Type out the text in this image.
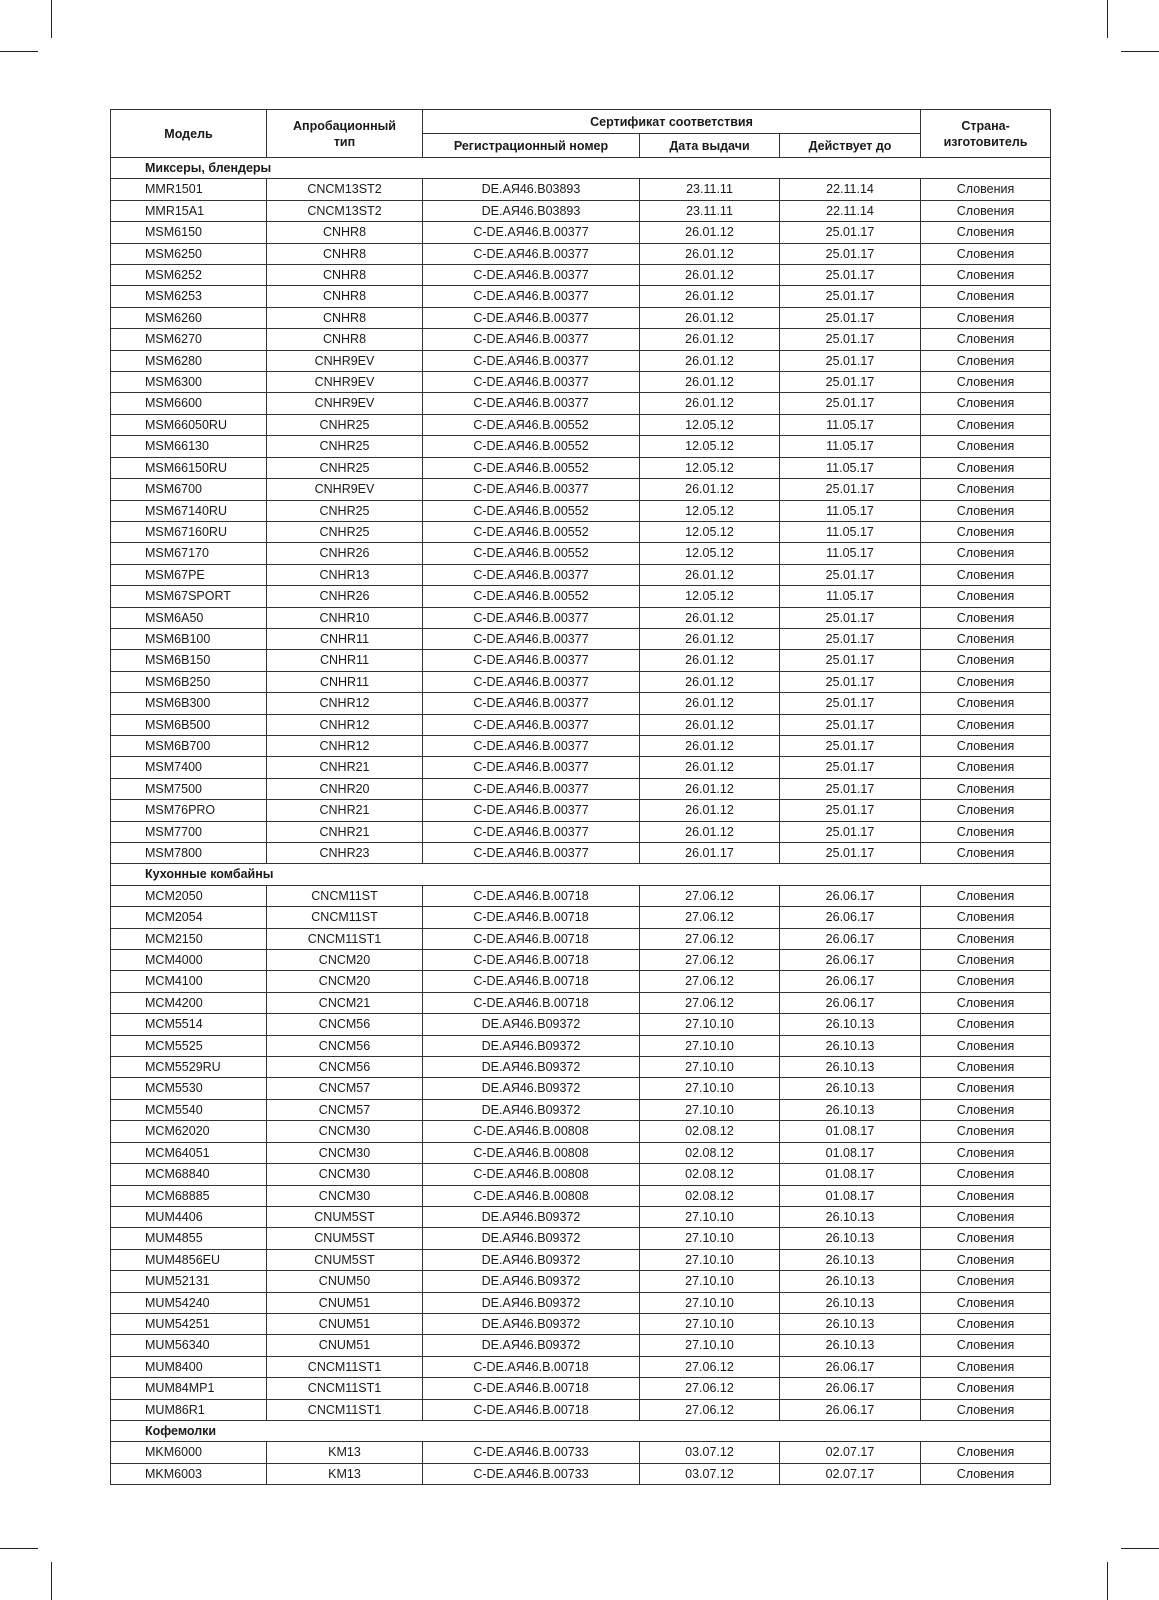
Модель	Апробационный тип	Сертификат соответствия			Страна-изготовитель
		Регистрационный номер	Дата выдачи	Действует до	
Миксеры, блендеры					
MMR1501	CNCM13ST2	DE.AЯ46.B03893	23.11.11	22.11.14	Словения
MMR15A1	CNCM13ST2	DE.AЯ46.B03893	23.11.11	22.11.14	Словения
MSM6150	CNHR8	C-DE.AЯ46.B.00377	26.01.12	25.01.17	Словения
MSM6250	CNHR8	C-DE.AЯ46.B.00377	26.01.12	25.01.17	Словения
MSM6252	CNHR8	C-DE.AЯ46.B.00377	26.01.12	25.01.17	Словения
MSM6253	CNHR8	C-DE.AЯ46.B.00377	26.01.12	25.01.17	Словения
MSM6260	CNHR8	C-DE.AЯ46.B.00377	26.01.12	25.01.17	Словения
MSM6270	CNHR8	C-DE.AЯ46.B.00377	26.01.12	25.01.17	Словения
MSM6280	CNHR9EV	C-DE.AЯ46.B.00377	26.01.12	25.01.17	Словения
MSM6300	CNHR9EV	C-DE.AЯ46.B.00377	26.01.12	25.01.17	Словения
MSM6600	CNHR9EV	C-DE.AЯ46.B.00377	26.01.12	25.01.17	Словения
MSM66050RU	CNHR25	C-DE.AЯ46.B.00552	12.05.12	11.05.17	Словения
MSM66130	CNHR25	C-DE.AЯ46.B.00552	12.05.12	11.05.17	Словения
MSM66150RU	CNHR25	C-DE.AЯ46.B.00552	12.05.12	11.05.17	Словения
MSM6700	CNHR9EV	C-DE.AЯ46.B.00377	26.01.12	25.01.17	Словения
MSM67140RU	CNHR25	C-DE.AЯ46.B.00552	12.05.12	11.05.17	Словения
MSM67160RU	CNHR25	C-DE.AЯ46.B.00552	12.05.12	11.05.17	Словения
MSM67170	CNHR26	C-DE.AЯ46.B.00552	12.05.12	11.05.17	Словения
MSM67PE	CNHR13	C-DE.AЯ46.B.00377	26.01.12	25.01.17	Словения
MSM67SPORT	CNHR26	C-DE.AЯ46.B.00552	12.05.12	11.05.17	Словения
MSM6A50	CNHR10	C-DE.AЯ46.B.00377	26.01.12	25.01.17	Словения
MSM6B100	CNHR11	C-DE.AЯ46.B.00377	26.01.12	25.01.17	Словения
MSM6B150	CNHR11	C-DE.AЯ46.B.00377	26.01.12	25.01.17	Словения
MSM6B250	CNHR11	C-DE.AЯ46.B.00377	26.01.12	25.01.17	Словения
MSM6B300	CNHR12	C-DE.AЯ46.B.00377	26.01.12	25.01.17	Словения
MSM6B500	CNHR12	C-DE.AЯ46.B.00377	26.01.12	25.01.17	Словения
MSM6B700	CNHR12	C-DE.AЯ46.B.00377	26.01.12	25.01.17	Словения
MSM7400	CNHR21	C-DE.AЯ46.B.00377	26.01.12	25.01.17	Словения
MSM7500	CNHR20	C-DE.AЯ46.B.00377	26.01.12	25.01.17	Словения
MSM76PRO	CNHR21	C-DE.AЯ46.B.00377	26.01.12	25.01.17	Словения
MSM7700	CNHR21	C-DE.AЯ46.B.00377	26.01.12	25.01.17	Словения
MSM7800	CNHR23	C-DE.AЯ46.B.00377	26.01.17	25.01.17	Словения
Кухонные комбайны					
MCM2050	CNCM11ST	C-DE.AЯ46.B.00718	27.06.12	26.06.17	Словения
MCM2054	CNCM11ST	C-DE.AЯ46.B.00718	27.06.12	26.06.17	Словения
MCM2150	CNCM11ST1	C-DE.AЯ46.B.00718	27.06.12	26.06.17	Словения
MCM4000	CNCM20	C-DE.AЯ46.B.00718	27.06.12	26.06.17	Словения
MCM4100	CNCM20	C-DE.AЯ46.B.00718	27.06.12	26.06.17	Словения
MCM4200	CNCM21	C-DE.AЯ46.B.00718	27.06.12	26.06.17	Словения
MCM5514	CNCM56	DE.AЯ46.B09372	27.10.10	26.10.13	Словения
MCM5525	CNCM56	DE.AЯ46.B09372	27.10.10	26.10.13	Словения
MCM5529RU	CNCM56	DE.AЯ46.B09372	27.10.10	26.10.13	Словения
MCM5530	CNCM57	DE.AЯ46.B09372	27.10.10	26.10.13	Словения
MCM5540	CNCM57	DE.AЯ46.B09372	27.10.10	26.10.13	Словения
MCM62020	CNCM30	C-DE.AЯ46.B.00808	02.08.12	01.08.17	Словения
MCM64051	CNCM30	C-DE.AЯ46.B.00808	02.08.12	01.08.17	Словения
MCM68840	CNCM30	C-DE.AЯ46.B.00808	02.08.12	01.08.17	Словения
MCM68885	CNCM30	C-DE.AЯ46.B.00808	02.08.12	01.08.17	Словения
MUM4406	CNUM5ST	DE.AЯ46.B09372	27.10.10	26.10.13	Словения
MUM4855	CNUM5ST	DE.AЯ46.B09372	27.10.10	26.10.13	Словения
MUM4856EU	CNUM5ST	DE.AЯ46.B09372	27.10.10	26.10.13	Словения
MUM52131	CNUM50	DE.AЯ46.B09372	27.10.10	26.10.13	Словения
MUM54240	CNUM51	DE.AЯ46.B09372	27.10.10	26.10.13	Словения
MUM54251	CNUM51	DE.AЯ46.B09372	27.10.10	26.10.13	Словения
MUM56340	CNUM51	DE.AЯ46.B09372	27.10.10	26.10.13	Словения
MUM8400	CNCM11ST1	C-DE.AЯ46.B.00718	27.06.12	26.06.17	Словения
MUM84MP1	CNCM11ST1	C-DE.AЯ46.B.00718	27.06.12	26.06.17	Словения
MUM86R1	CNCM11ST1	C-DE.AЯ46.B.00718	27.06.12	26.06.17	Словения
Кофемолки					
MKM6000	KM13	C-DE.AЯ46.B.00733	03.07.12	02.07.17	Словения
MKM6003	KM13	C-DE.AЯ46.B.00733	03.07.12	02.07.17	Словения
